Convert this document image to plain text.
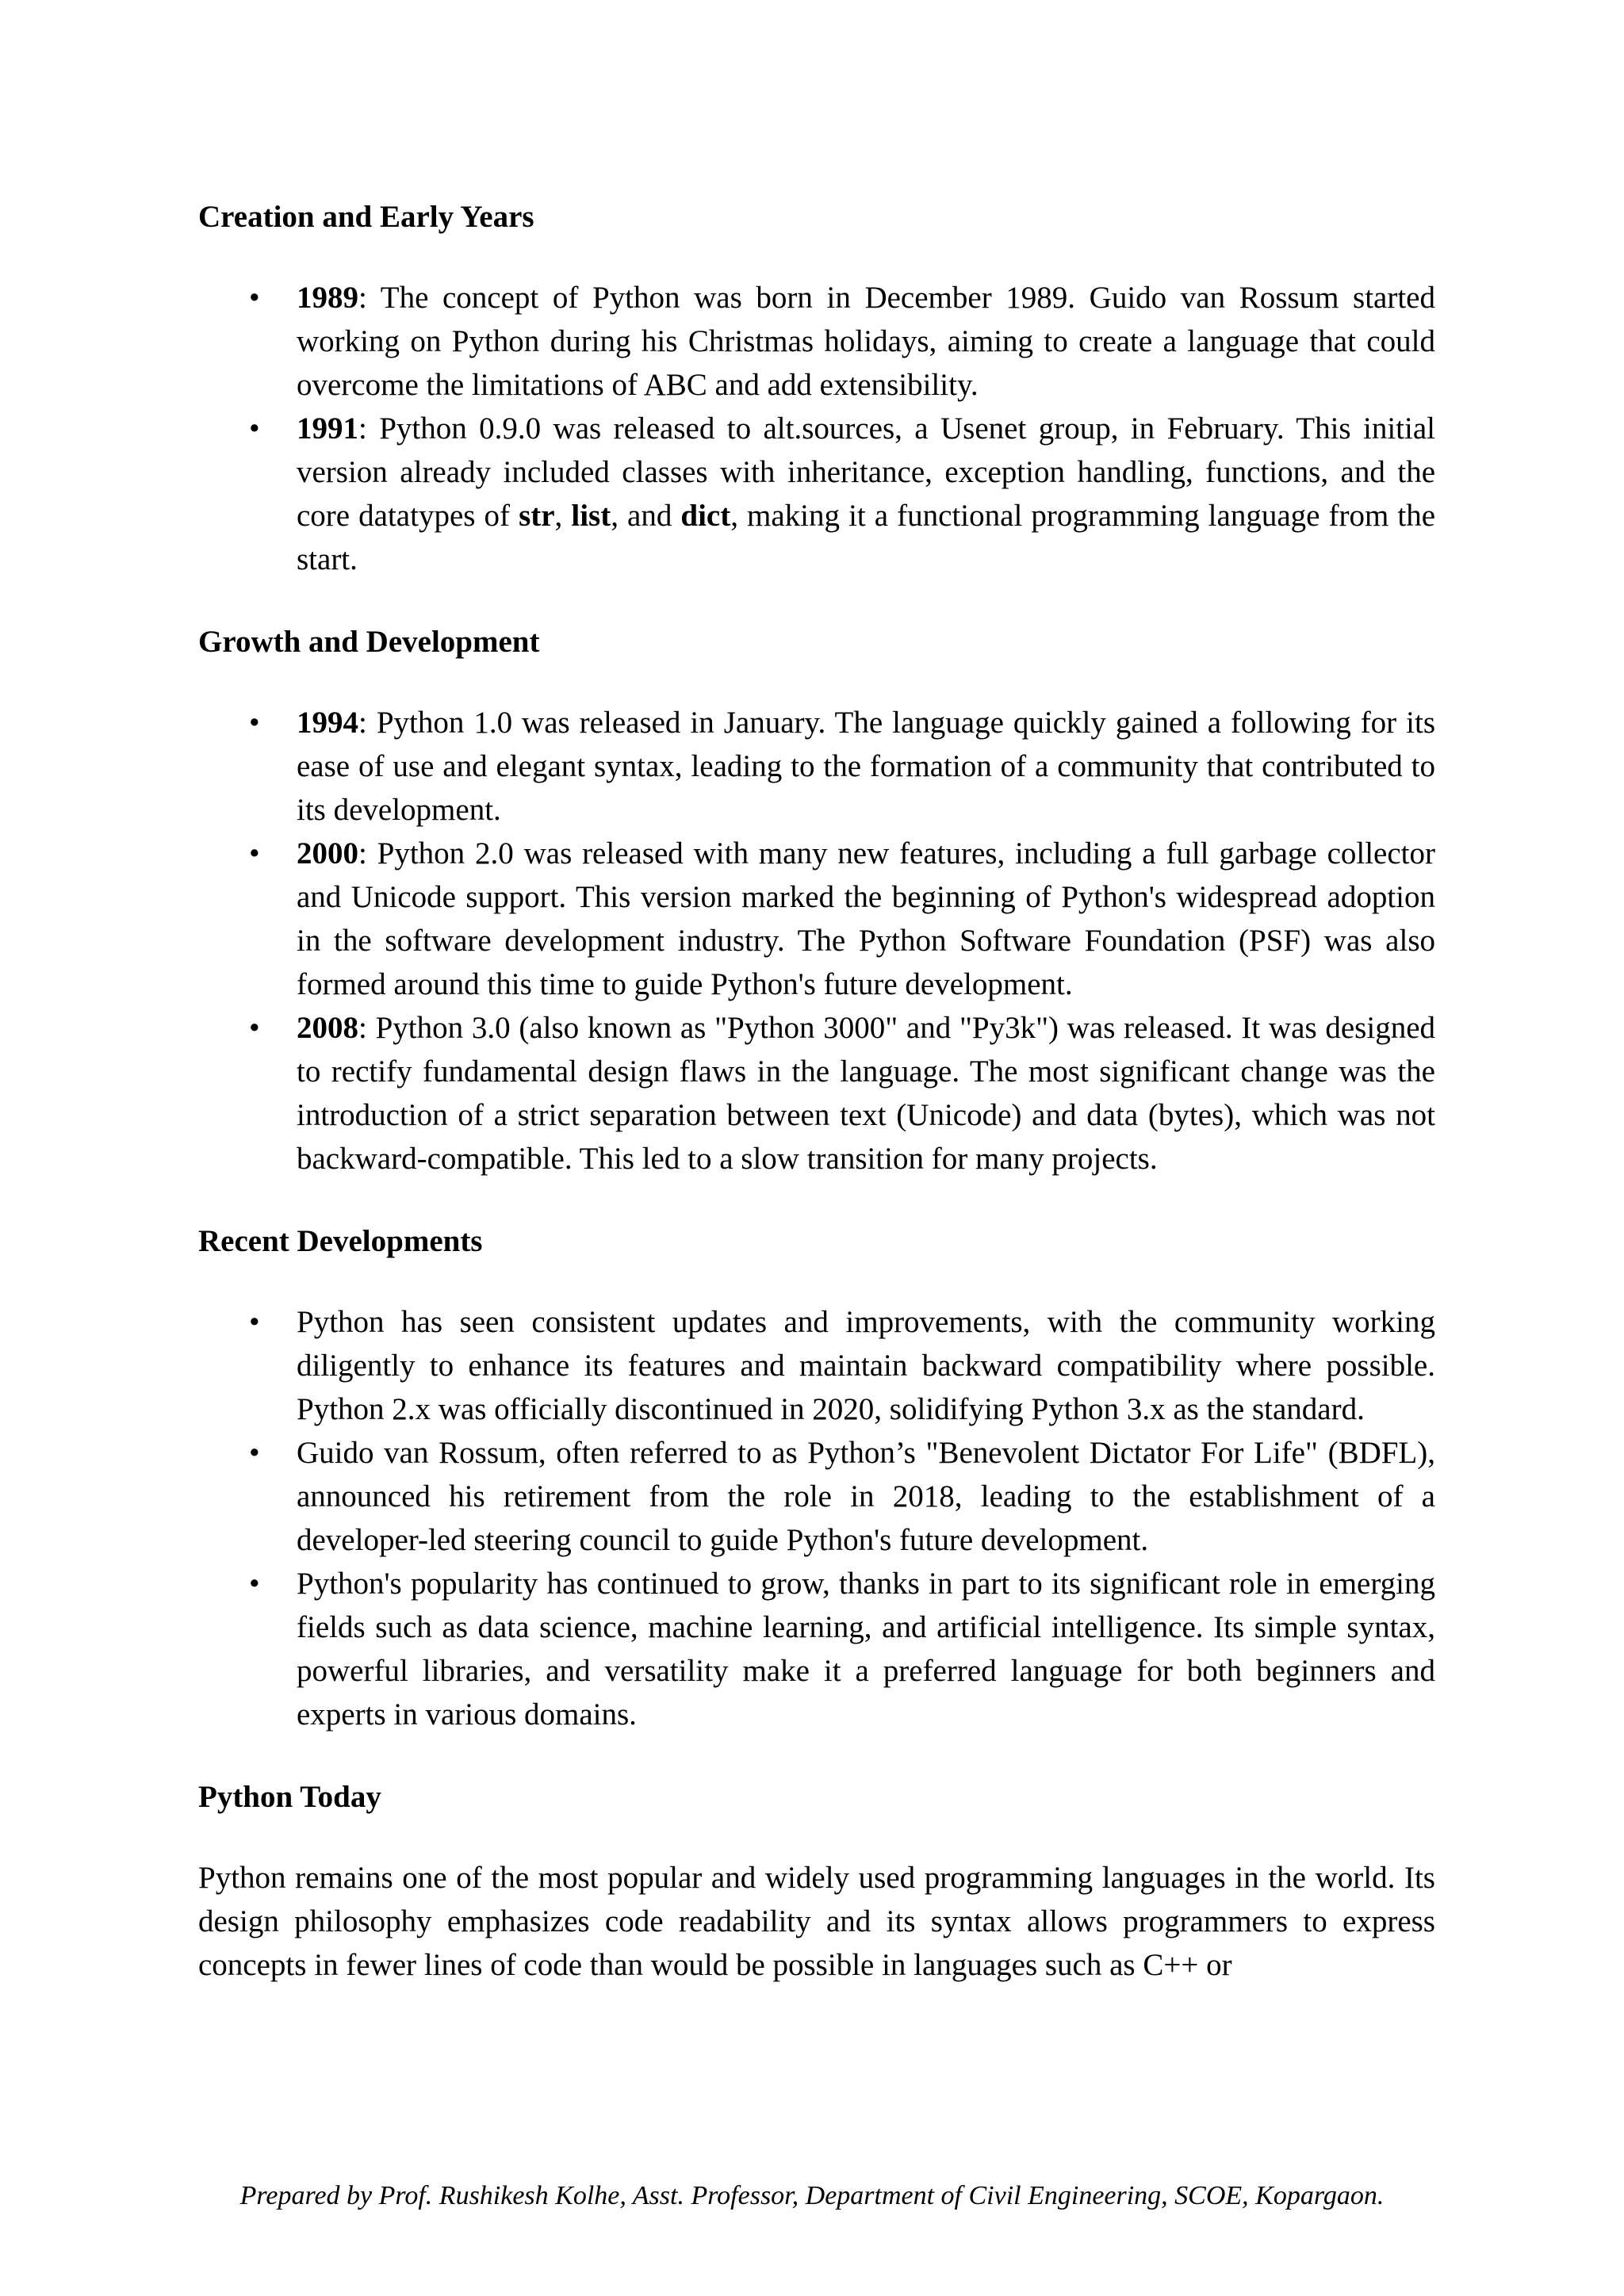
Creation and Early Years
• 1989: The concept of Python was born in December 1989. Guido van Rossum started working on Python during his Christmas holidays, aiming to create a language that could overcome the limitations of ABC and add extensibility.
• 1991: Python 0.9.0 was released to alt.sources, a Usenet group, in February. This initial version already included classes with inheritance, exception handling, functions, and the core datatypes of str, list, and dict, making it a functional programming language from the start.
Growth and Development
• 1994: Python 1.0 was released in January. The language quickly gained a following for its ease of use and elegant syntax, leading to the formation of a community that contributed to its development.
• 2000: Python 2.0 was released with many new features, including a full garbage collector and Unicode support. This version marked the beginning of Python's widespread adoption in the software development industry. The Python Software Foundation (PSF) was also formed around this time to guide Python's future development.
• 2008: Python 3.0 (also known as "Python 3000" and "Py3k") was released. It was designed to rectify fundamental design flaws in the language. The most significant change was the introduction of a strict separation between text (Unicode) and data (bytes), which was not backward-compatible. This led to a slow transition for many projects.
Recent Developments
• Python has seen consistent updates and improvements, with the community working diligently to enhance its features and maintain backward compatibility where possible. Python 2.x was officially discontinued in 2020, solidifying Python 3.x as the standard.
• Guido van Rossum, often referred to as Python’s "Benevolent Dictator For Life" (BDFL), announced his retirement from the role in 2018, leading to the establishment of a developer-led steering council to guide Python's future development.
• Python's popularity has continued to grow, thanks in part to its significant role in emerging fields such as data science, machine learning, and artificial intelligence. Its simple syntax, powerful libraries, and versatility make it a preferred language for both beginners and experts in various domains.
Python Today

Python remains one of the most popular and widely used programming languages in the world. Its design philosophy emphasizes code readability and its syntax allows programmers to express concepts in fewer lines of code than would be possible in languages such as C++ or

Prepared by Prof. Rushikesh Kolhe, Asst. Professor, Department of Civil Engineering, SCOE, Kopargaon.
